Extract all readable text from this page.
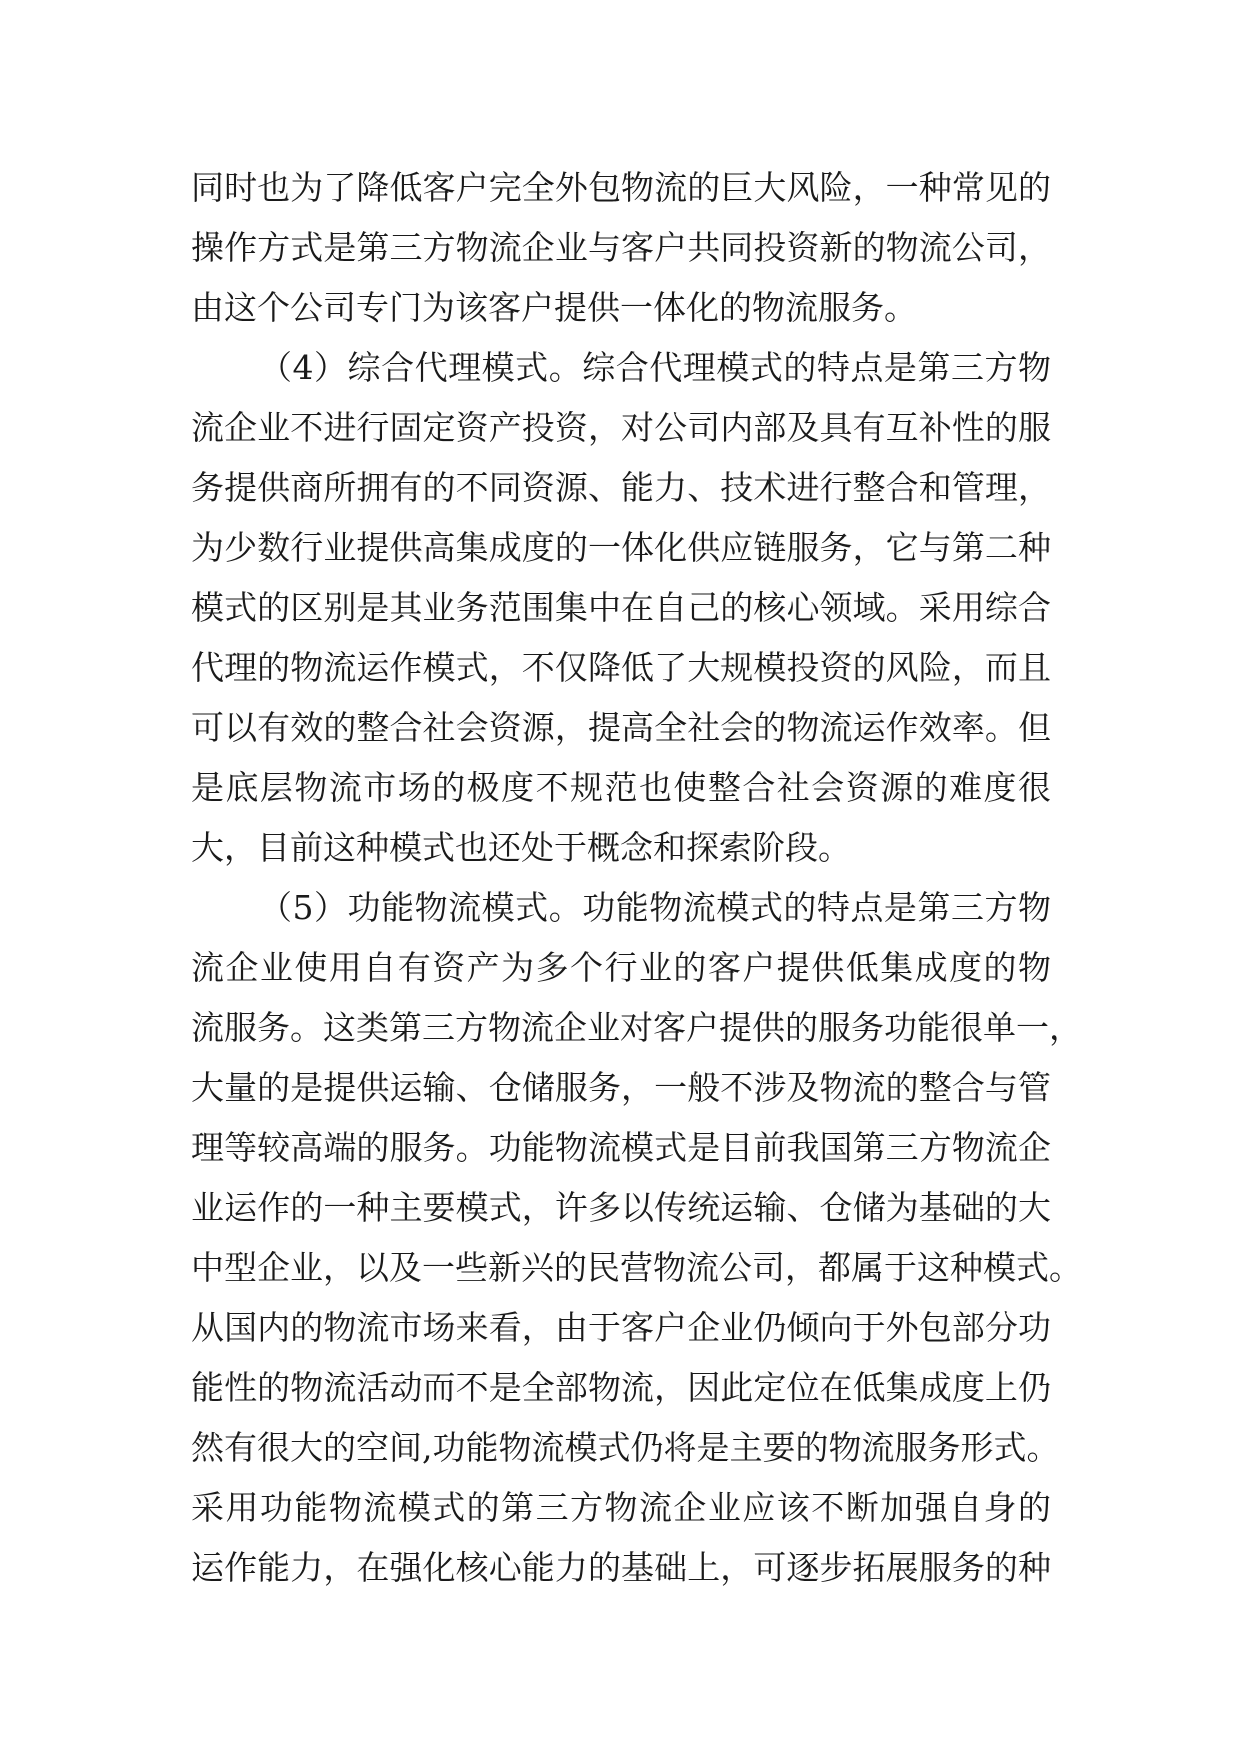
同时也为了降低客户完全外包物流的巨大风险，一种常见的
操作方式是第三方物流企业与客户共同投资新的物流公司，
由这个公司专门为该客户提供一体化的物流服务。
（4）综合代理模式。综合代理模式的特点是第三方物
流企业不进行固定资产投资，对公司内部及具有互补性的服
务提供商所拥有的不同资源、能力、技术进行整合和管理，
为少数行业提供高集成度的一体化供应链服务，它与第二种
模式的区别是其业务范围集中在自己的核心领域。采用综合
代理的物流运作模式，不仅降低了大规模投资的风险，而且
可以有效的整合社会资源，提高全社会的物流运作效率。但
是底层物流市场的极度不规范也使整合社会资源的难度很
大，目前这种模式也还处于概念和探索阶段。
（5）功能物流模式。功能物流模式的特点是第三方物
流企业使用自有资产为多个行业的客户提供低集成度的物
流服务。这类第三方物流企业对客户提供的服务功能很单一，
大量的是提供运输、仓储服务，一般不涉及物流的整合与管
理等较高端的服务。功能物流模式是目前我国第三方物流企
业运作的一种主要模式，许多以传统运输、仓储为基础的大
中型企业，以及一些新兴的民营物流公司，都属于这种模式。
从国内的物流市场来看，由于客户企业仍倾向于外包部分功
能性的物流活动而不是全部物流，因此定位在低集成度上仍
然有很大的空间,功能物流模式仍将是主要的物流服务形式。
采用功能物流模式的第三方物流企业应该不断加强自身的
运作能力，在强化核心能力的基础上，可逐步拓展服务的种
